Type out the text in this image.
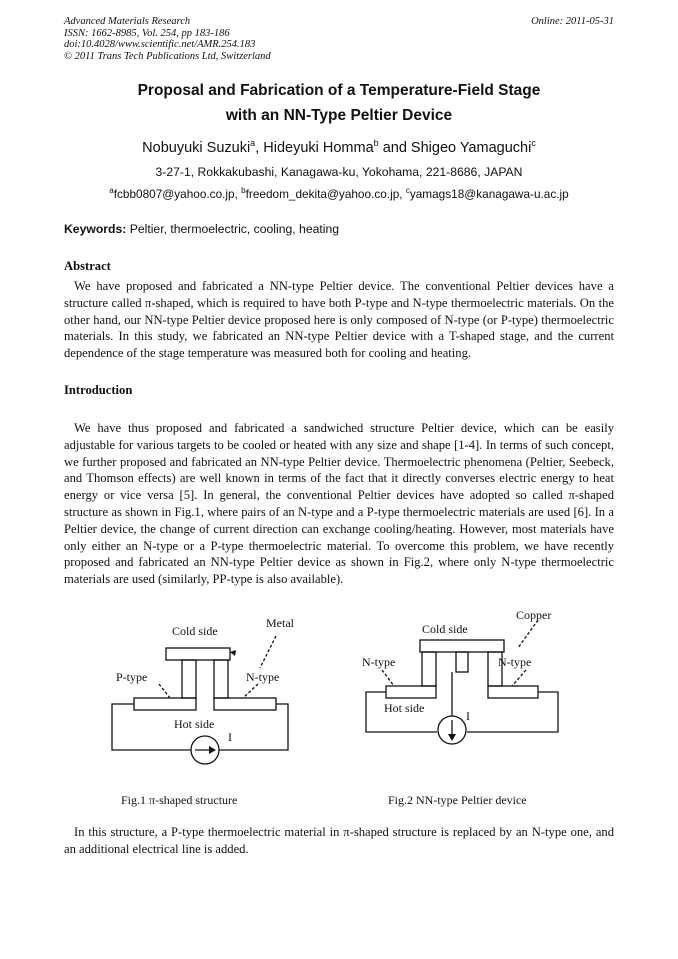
Advanced Materials Research
ISSN: 1662-8985, Vol. 254, pp 183-186
doi:10.4028/www.scientific.net/AMR.254.183
© 2011 Trans Tech Publications Ltd, Switzerland
Online: 2011-05-31
Proposal and Fabrication of a Temperature-Field Stage
with an NN-Type Peltier Device
Nobuyuki Suzuki$^a$, Hideyuki Homma$^b$ and Shigeo Yamaguchi$^c$
3-27-1, Rokkakubashi, Kanagawa-ku, Yokohama, 221-8686, JAPAN
$^a$fcbb0807@yahoo.co.jp, $^b$freedom_dekita@yahoo.co.jp, $^c$yamags18@kanagawa-u.ac.jp
Keywords: Peltier, thermoelectric, cooling, heating
Abstract
We have proposed and fabricated a NN-type Peltier device. The conventional Peltier devices have a structure called π-shaped, which is required to have both P-type and N-type thermoelectric materials. On the other hand, our NN-type Peltier device proposed here is only composed of N-type (or P-type) thermoelectric materials. In this study, we fabricated an NN-type Peltier device with a T-shaped stage, and the current dependence of the stage temperature was measured both for cooling and heating.
Introduction
We have thus proposed and fabricated a sandwiched structure Peltier device, which can be easily adjustable for various targets to be cooled or heated with any size and shape [1-4]. In terms of such concept, we further proposed and fabricated an NN-type Peltier device. Thermoelectric phenomena (Peltier, Seebeck, and Thomson effects) are well known in terms of the fact that it directly converses electric energy to heat energy or vice versa [5]. In general, the conventional Peltier devices have adopted so called π-shaped structure as shown in Fig.1, where pairs of an N-type and a P-type thermoelectric materials are used [6]. In a Peltier device, the change of current direction can exchange cooling/heating. However, most materials have only either an N-type or a P-type thermoelectric material. To overcome this problem, we have recently proposed and fabricated an NN-type Peltier device as shown in Fig.2, where only N-type thermoelectric materials are used (similarly, PP-type is also available).
Cold side
Metal
P-type	N-type
Hot side
I
Fig.1 π-shaped structure
Cold side
Copper
N-type	N-type
Hot side
I
Fig.2 NN-type Peltier device
In this structure, a P-type thermoelectric material in π-shaped structure is replaced by an N-type one, and an additional electrical line is added.
